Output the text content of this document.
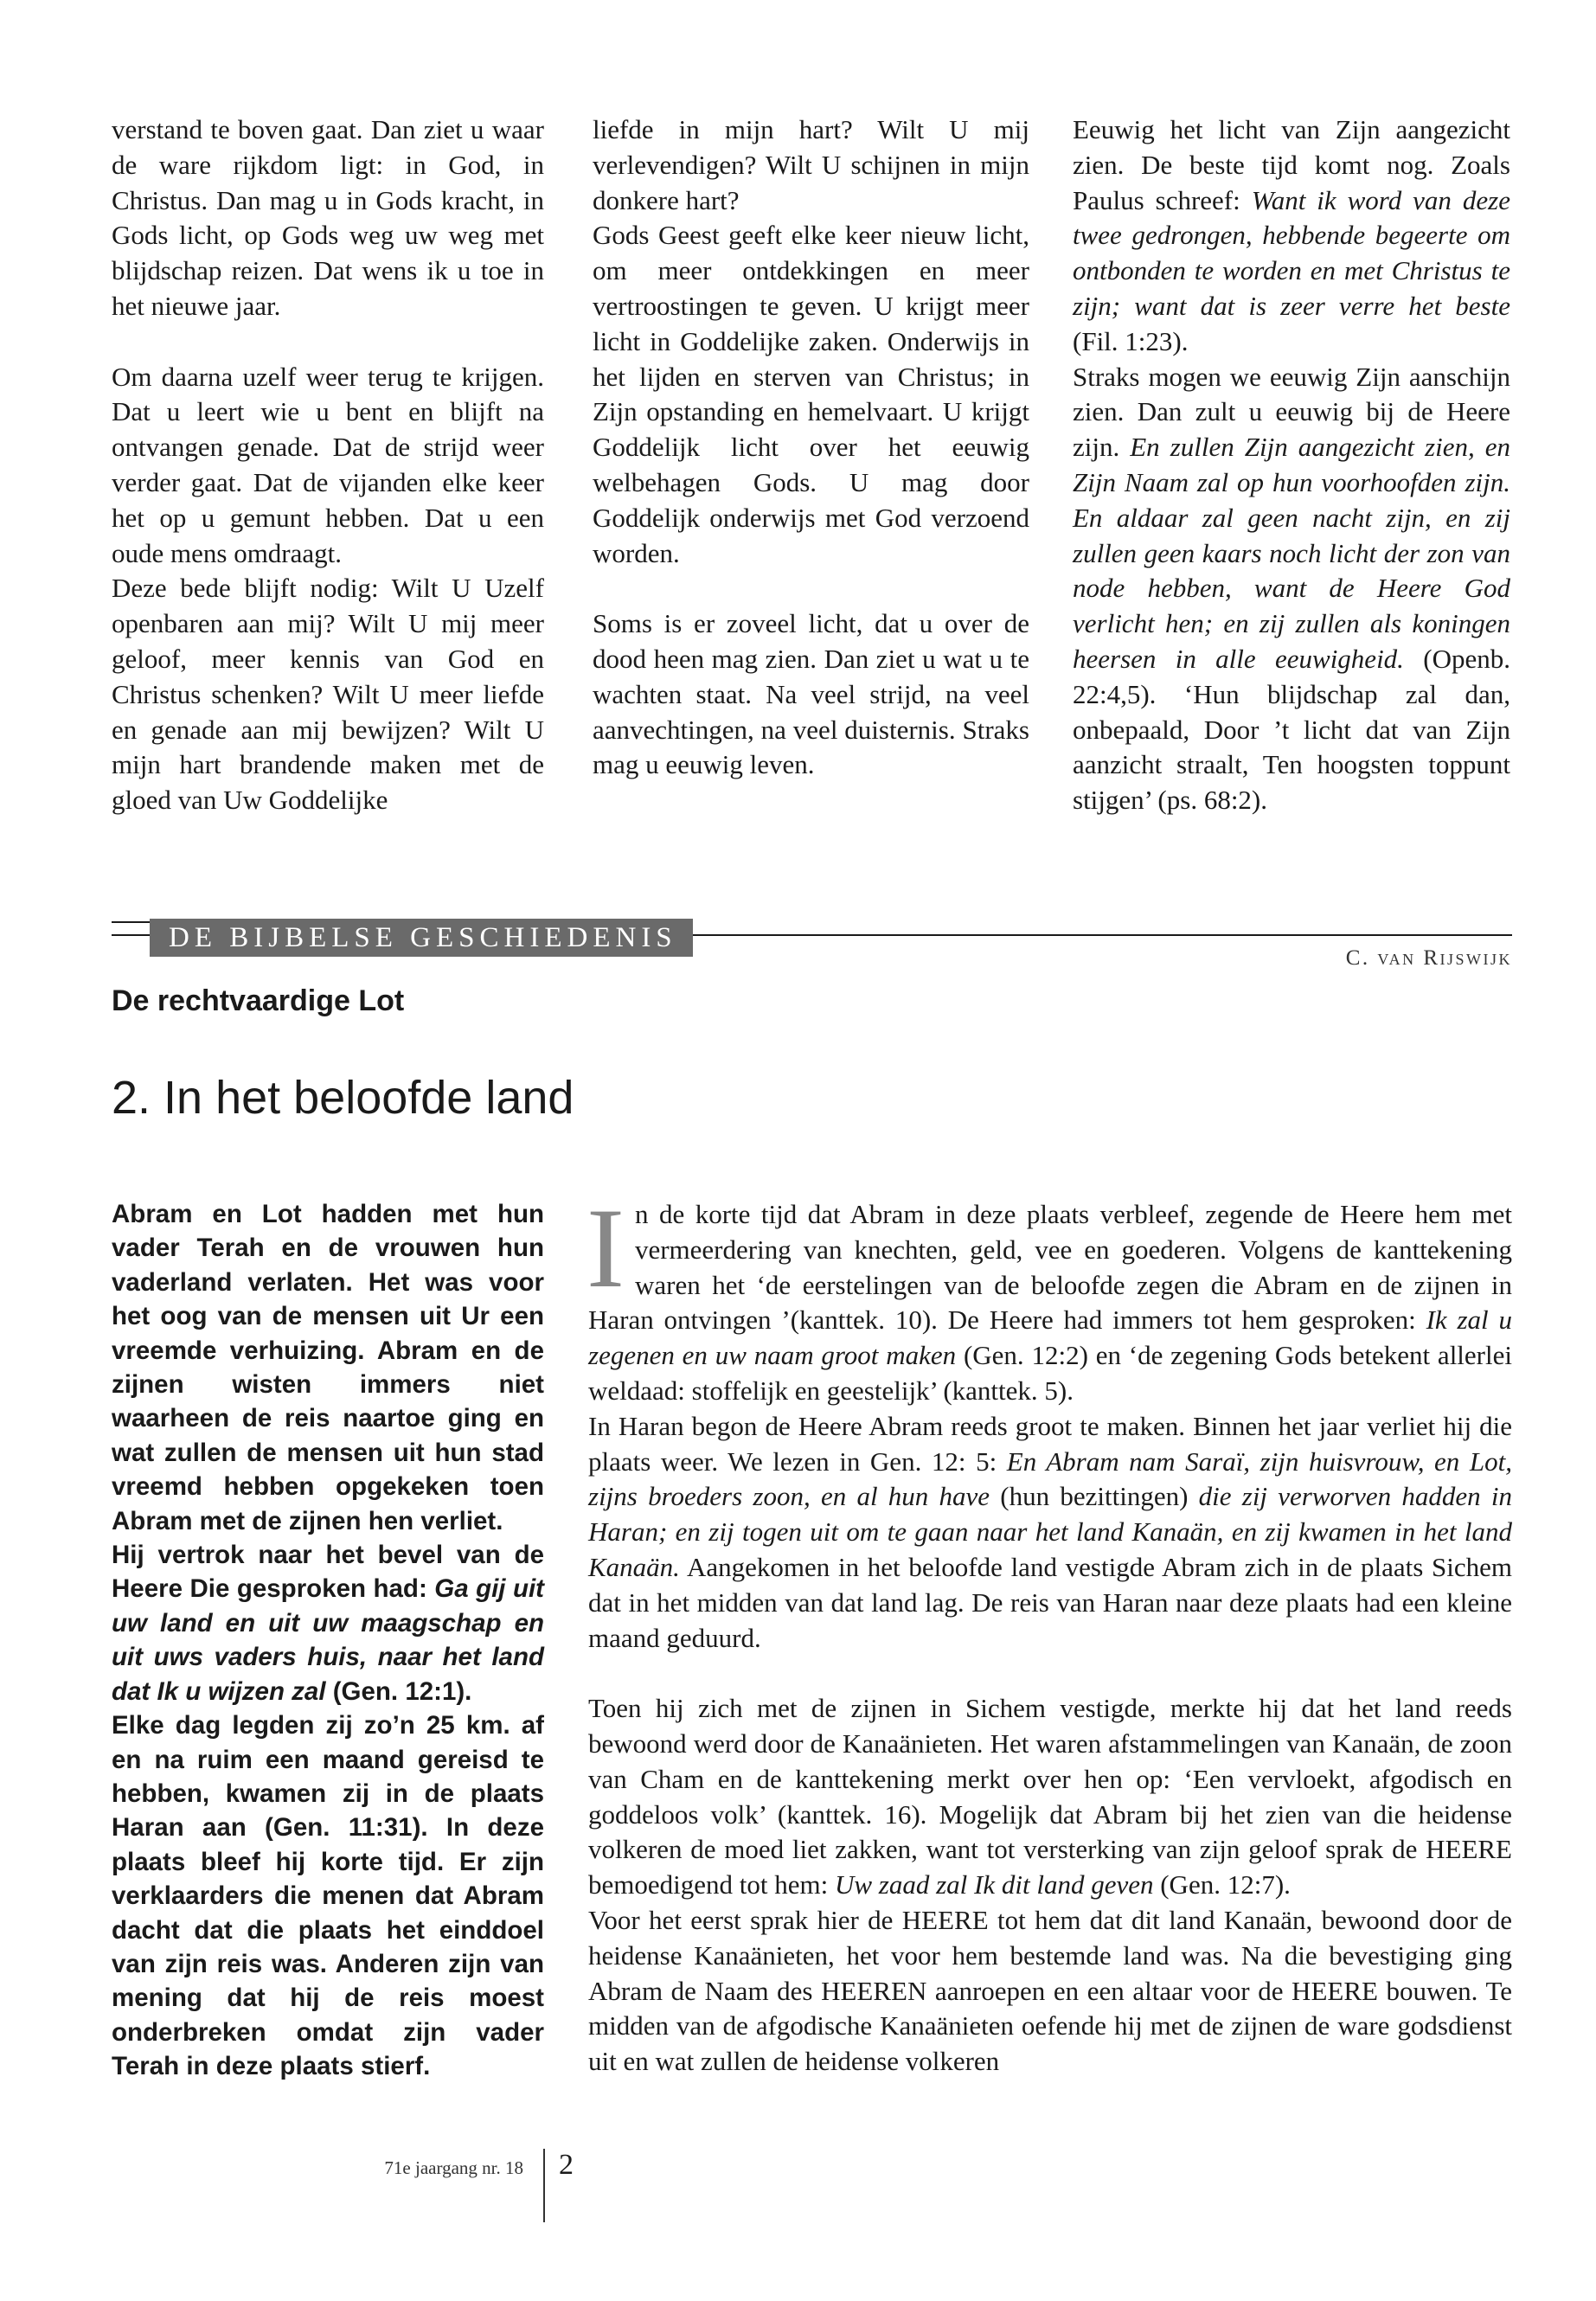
verstand te boven gaat. Dan ziet u waar de ware rijkdom ligt: in God, in Christus. Dan mag u in Gods kracht, in Gods licht, op Gods weg uw weg met blijdschap reizen. Dat wens ik u toe in het nieuwe jaar.

Om daarna uzelf weer terug te krijgen. Dat u leert wie u bent en blijft na ontvangen genade. Dat de strijd weer verder gaat. Dat de vijanden elke keer het op u gemunt hebben. Dat u een oude mens omdraagt.

Deze bede blijft nodig: Wilt U Uzelf openbaren aan mij? Wilt U mij meer geloof, meer kennis van God en Christus schenken? Wilt U meer liefde en genade aan mij bewijzen? Wilt U mijn hart brandende maken met de gloed van Uw Goddelijke

liefde in mijn hart? Wilt U mij verlevendigen? Wilt U schijnen in mijn donkere hart?

Gods Geest geeft elke keer nieuw licht, om meer ontdekkingen en meer vertroostingen te geven. U krijgt meer licht in Goddelijke zaken. Onderwijs in het lijden en sterven van Christus; in Zijn opstanding en hemelvaart. U krijgt Goddelijk licht over het eeuwig welbehagen Gods. U mag door Goddelijk onderwijs met God verzoend worden.

Soms is er zoveel licht, dat u over de dood heen mag zien. Dan ziet u wat u te wachten staat. Na veel strijd, na veel aanvechtingen, na veel duisternis. Straks mag u eeuwig leven.

Eeuwig het licht van Zijn aangezicht zien. De beste tijd komt nog. Zoals Paulus schreef: Want ik word van deze twee gedrongen, hebbende begeerte om ontbonden te worden en met Christus te zijn; want dat is zeer verre het beste (Fil. 1:23).

Straks mogen we eeuwig Zijn aanschijn zien. Dan zult u eeuwig bij de Heere zijn. En zullen Zijn aangezicht zien, en Zijn Naam zal op hun voorhoofden zijn. En aldaar zal geen nacht zijn, en zij zullen geen kaars noch licht der zon van node hebben, want de Heere God verlicht hen; en zij zullen als koningen heersen in alle eeuwigheid. (Openb. 22:4,5). ‘Hun blijdschap zal dan, onbepaald, Door ’t licht dat van Zijn aanzicht straalt, Ten hoogsten toppunt stijgen’ (ps. 68:2).

DE BIJBELSE GESCHIEDENIS
C. van Rijswijk
De rechtvaardige Lot
2. In het beloofde land

Abram en Lot hadden met hun vader Terah en de vrouwen hun vaderland verlaten. Het was voor het oog van de mensen uit Ur een vreemde verhuizing. Abram en de zijnen wisten immers niet waarheen de reis naartoe ging en wat zullen de mensen uit hun stad vreemd hebben opgekeken toen Abram met de zijnen hen verliet.

Hij vertrok naar het bevel van de Heere Die gesproken had: Ga gij uit uw land en uit uw maagschap en uit uws vaders huis, naar het land dat Ik u wijzen zal (Gen. 12:1).

Elke dag legden zij zo’n 25 km. af en na ruim een maand gereisd te hebben, kwamen zij in de plaats Haran aan (Gen. 11:31). In deze plaats bleef hij korte tijd. Er zijn verklaarders die menen dat Abram dacht dat die plaats het einddoel van zijn reis was. Anderen zijn van mening dat hij de reis moest onderbreken omdat zijn vader Terah in deze plaats stierf.

In de korte tijd dat Abram in deze plaats verbleef, zegende de Heere hem met vermeerdering van knechten, geld, vee en goederen. Volgens de kanttekening waren het ‘de eerstelingen van de beloofde zegen die Abram en de zijnen in Haran ontvingen ’(kanttek. 10). De Heere had immers tot hem gesproken: Ik zal u zegenen en uw naam groot maken (Gen. 12:2) en ‘de zegening Gods betekent allerlei weldaad: stoffelijk en geestelijk’ (kanttek. 5).

In Haran begon de Heere Abram reeds groot te maken. Binnen het jaar verliet hij die plaats weer. We lezen in Gen. 12: 5: En Abram nam Saraï, zijn huisvrouw, en Lot, zijns broeders zoon, en al hun have (hun bezittingen) die zij verworven hadden in Haran; en zij togen uit om te gaan naar het land Kanaän, en zij kwamen in het land Kanaän. Aangekomen in het beloofde land vestigde Abram zich in de plaats Sichem dat in het midden van dat land lag. De reis van Haran naar deze plaats had een kleine maand geduurd.

Toen hij zich met de zijnen in Sichem vestigde, merkte hij dat het land reeds bewoond werd door de Kanaänieten. Het waren afstammelingen van Kanaän, de zoon van Cham en de kanttekening merkt over hen op: ‘Een vervloekt, afgodisch en goddeloos volk’ (kanttek. 16). Mogelijk dat Abram bij het zien van die heidense volkeren de moed liet zakken, want tot versterking van zijn geloof sprak de HEERE bemoedigend tot hem: Uw zaad zal Ik dit land geven (Gen. 12:7).

Voor het eerst sprak hier de HEERE tot hem dat dit land Kanaän, bewoond door de heidense Kanaänieten, het voor hem bestemde land was. Na die bevestiging ging Abram de Naam des HEEREN aanroepen en een altaar voor de HEERE bouwen. Te midden van de afgodische Kanaänieten oefende hij met de zijnen de ware godsdienst uit en wat zullen de heidense volkeren

71e jaargang nr. 18 2
